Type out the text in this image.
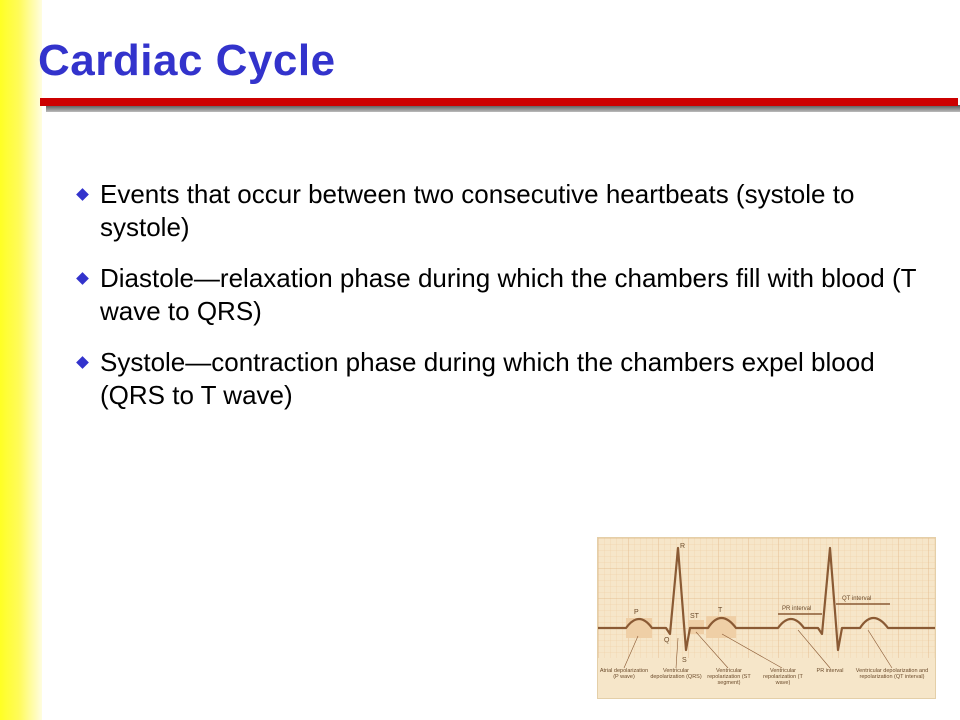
Cardiac Cycle
Events that occur between two consecutive heartbeats (systole to systole)
Diastole—relaxation phase during which the chambers fill with blood (T wave to QRS)
Systole—contraction phase during which the chambers expel blood (QRS to T wave)
P
Q
R
S
ST
T	PR interval
QT interval
Atrial depolarization (P wave)
Ventricular depolarization (QRS)
Ventricular repolarization (ST segment)
Ventricular repolarization (T wave)
PR interval	Ventricular depolarization and repolarization (QT interval)
